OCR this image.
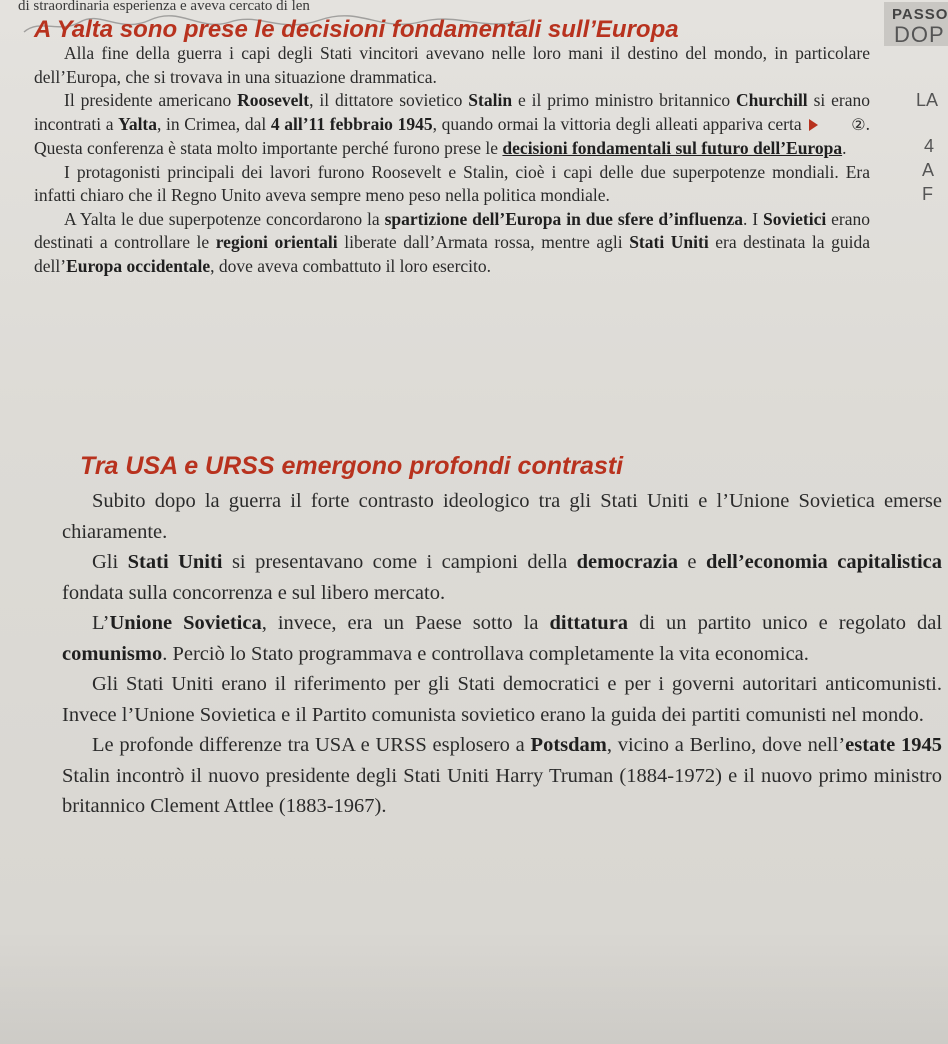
di straordinaria esperienza e aveva cercato di len	PASSO
DOP
LA
4
A
F
A Yalta sono prese le decisioni fondamentali sull’Europa
Alla fine della guerra i capi degli Stati vincitori avevano nelle loro mani il destino del mondo, in particolare dell’Europa, che si trovava in una situazione drammatica.
Il presidente americano Roosevelt, il dittatore sovietico Stalin e il primo ministro britannico Churchill si erano incontrati a Yalta, in Crimea, dal 4 all’11 febbraio 1945, quando ormai la vittoria degli alleati appariva certa	②. Questa conferenza è stata molto importante perché furono prese le decisioni fondamentali sul futuro dell’Europa.
I protagonisti principali dei lavori furono Roosevelt e Stalin, cioè i capi delle due superpotenze mondiali. Era infatti chiaro che il Regno Unito aveva sempre meno peso nella politica mondiale.
A Yalta le due superpotenze concordarono la spartizione dell’Europa in due sfere d’influenza. I Sovietici erano destinati a controllare le regioni orientali liberate dall’Armata rossa, mentre agli Stati Uniti era destinata la guida dell’Europa occidentale, dove aveva combattuto il loro esercito.
Tra USA e URSS emergono profondi contrasti
Subito dopo la guerra il forte contrasto ideologico tra gli Stati Uniti e l’Unione Sovietica emerse chiaramente.
Gli Stati Uniti si presentavano come i campioni della democrazia e dell’economia capitalistica fondata sulla concorrenza e sul libero mercato.
L’Unione Sovietica, invece, era un Paese sotto la dittatura di un partito unico e regolato dal comunismo. Perciò lo Stato programmava e controllava completamente la vita economica.
Gli Stati Uniti erano il riferimento per gli Stati democratici e per i governi autoritari anticomunisti. Invece l’Unione Sovietica e il Partito comunista sovietico erano la guida dei partiti comunisti nel mondo.
Le profonde differenze tra USA e URSS esplosero a Potsdam, vicino a Berlino, dove nell’estate 1945 Stalin incontrò il nuovo presidente degli Stati Uniti Harry Truman (1884-1972) e il nuovo primo ministro britannico Clement Attlee (1883-1967).
